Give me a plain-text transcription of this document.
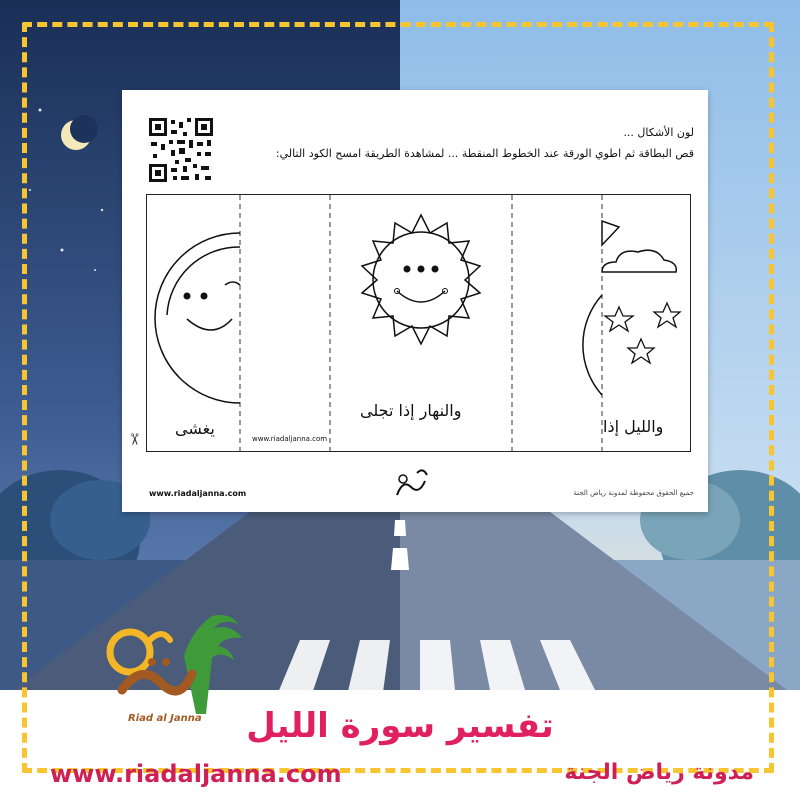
لون الأشكال ...
قص البطاقة ثم اطوي الورقة عند الخطوط المنقطة ... لمشاهدة الطريقة امسح الكود التالي:
والليل إذا
والنهار إذا تجلى
يغشى
✂	www.riadaljanna.com
www.riadaljanna.com	جميع الحقوق محفوظة لمدونة رياض الجنة
Riad al Janna	تفسير سورة الليل
www.riadaljanna.com	مدونة رياض الجنة
